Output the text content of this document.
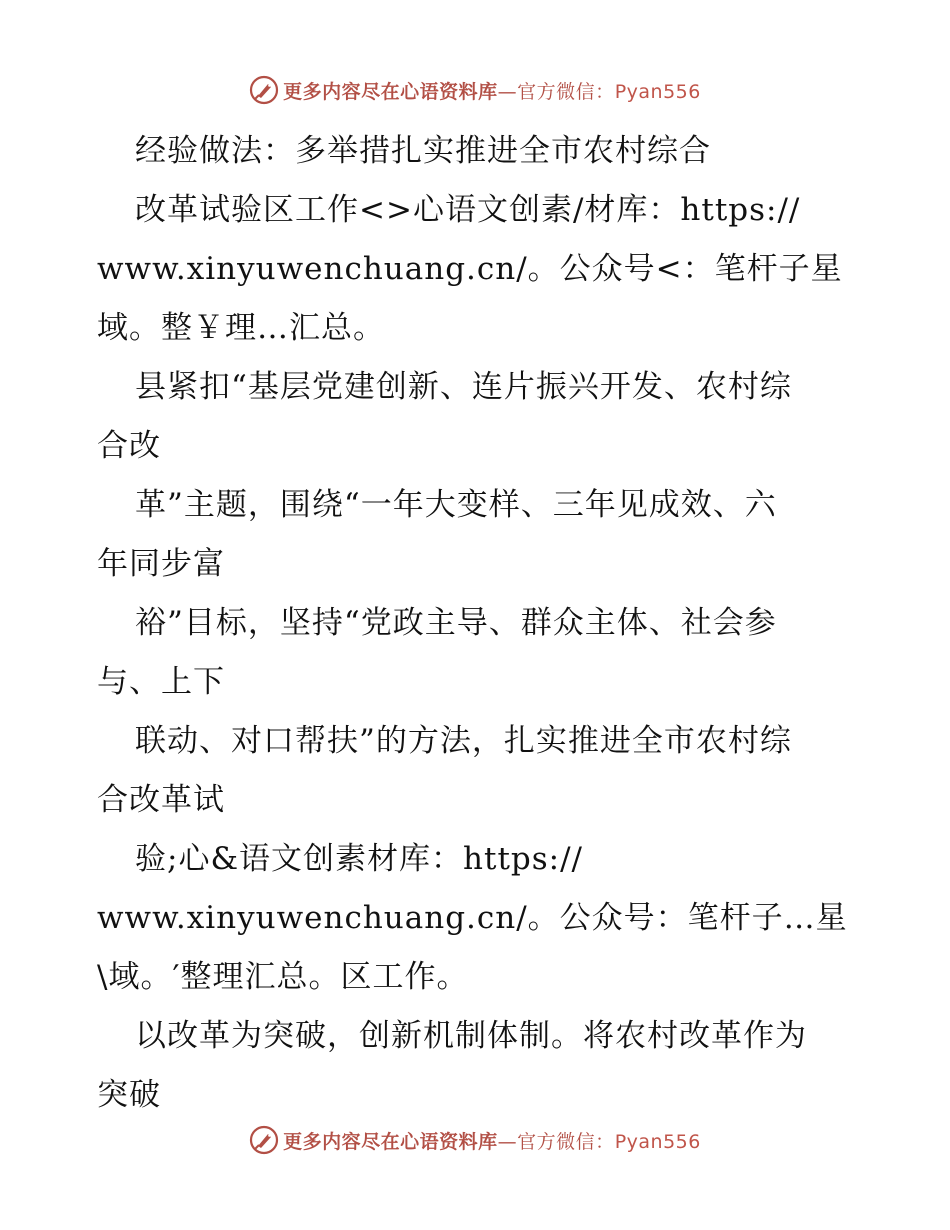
更多内容尽在心语资料库—官方微信：Pyan556
经验做法：多举措扎实推进全市农村综合
改革试验区工作<>心语文创素/材库：https://
www.xinyuwenchuang.cn/。公众号<：笔杆子星
域。整￥理…汇总。
县紧扣“基层党建创新、连片振兴开发、农村综
合改
革”主题，围绕“一年大变样、三年见成效、六
年同步富
裕”目标，坚持“党政主导、群众主体、社会参
与、上下
联动、对口帮扶”的方法，扎实推进全市农村综
合改革试
验;心&语文创素材库：https://
www.xinyuwenchuang.cn/。公众号：笔杆子…星
\域。′整理汇总。区工作。
以改革为突破，创新机制体制。将农村改革作为
突破
更多内容尽在心语资料库—官方微信：Pyan556
